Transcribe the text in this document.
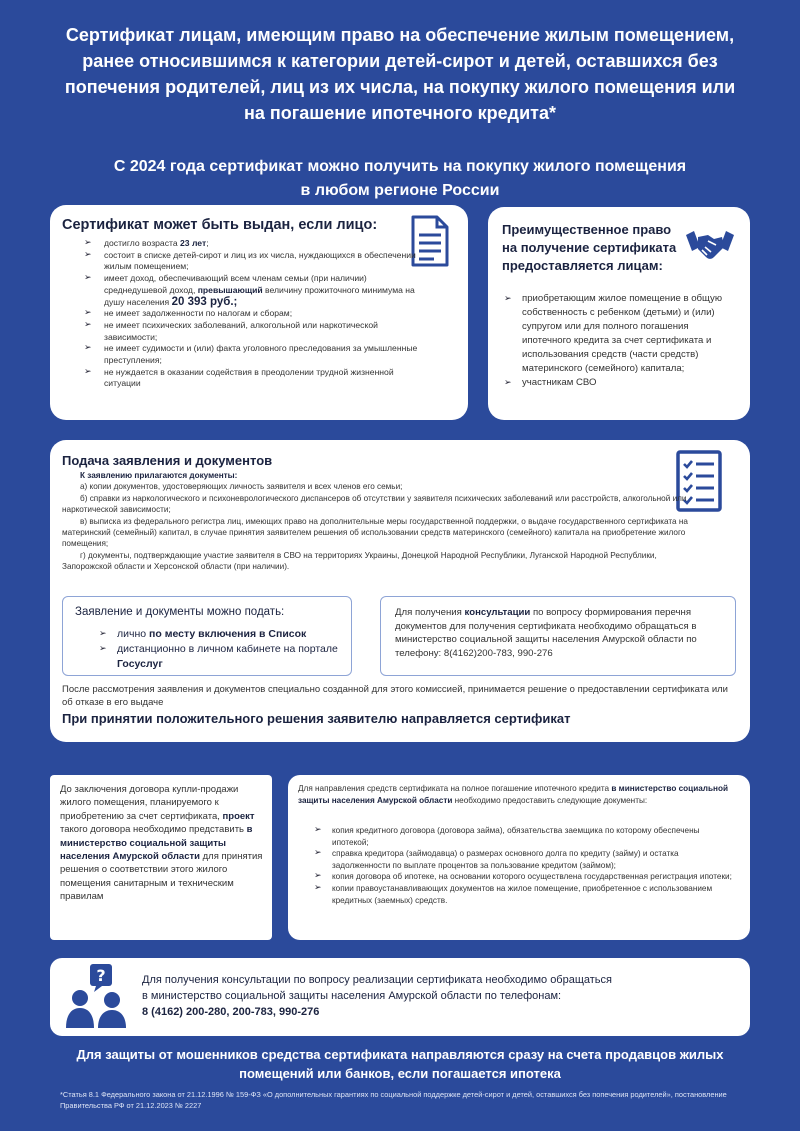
Сертификат лицам, имеющим право на обеспечение жилым помещением, ранее относившимся к категории детей-сирот и детей, оставшихся без попечения родителей, лиц из их числа, на покупку жилого помещения или на погашение ипотечного кредита*
С 2024 года сертификат можно получить на покупку жилого помещения
в любом регионе России
Сертификат может быть выдан, если лицо:
➢ достигло возраста 23 лет;
➢ состоит в списке детей-сирот и лиц из их числа, нуждающихся в обеспечении жилым помещением;
➢ имеет доход, обеспечивающий всем членам семьи (при наличии) среднедушевой доход, превышающий величину прожиточного минимума на душу населения 20 393 руб.;
➢ не имеет задолженности по налогам и сборам;
➢ не имеет психических заболеваний, алкогольной или наркотической зависимости;
➢ не имеет судимости и (или) факта уголовного преследования за умышленные преступления;
➢ не нуждается в оказании содействия в преодолении трудной жизненной ситуации
Преимущественное право на получение сертификата предоставляется лицам:
➢ приобретающим жилое помещение в общую собственность с ребенком (детьми) и (или) супругом или для полного погашения ипотечного кредита за счет сертификата и использования средств (части средств) материнского (семейного) капитала;
➢ участникам СВО
Подача заявления и документов
К заявлению прилагаются документы:

а) копии документов, удостоверяющих личность заявителя и всех членов его семьи;

б) справки из наркологического и психоневрологического диспансеров об отсутствии у заявителя психических заболеваний или расстройств, алкогольной или наркотической зависимости;

в) выписка из федерального регистра лиц, имеющих право на дополнительные меры государственной поддержки, о выдаче государственного сертификата на материнский (семейный) капитал, в случае принятия заявителем решения об использовании средств материнского (семейного) капитала на приобретение жилого помещения;

г) документы, подтверждающие участие заявителя в СВО на территориях Украины, Донецкой Народной Республики, Луганской Народной Республики, Запорожской области и Херсонской области (при наличии).

Заявление и документы можно подать:
➢ лично по месту включения в Список
➢ дистанционно в личном кабинете на портале Госуслуг
Для получения консультации по вопросу формирования перечня документов для получения сертификата необходимо обращаться в министерство социальной защиты населения Амурской области по телефону: 8(4162)200-783, 990-276
После рассмотрения заявления и документов специально созданной для этого комиссией, принимается решение о предоставлении сертификата или об отказе в его выдаче
При принятии положительного решения заявителю направляется сертификат
До заключения договора купли-продажи жилого помещения, планируемого к приобретению за счет сертификата, проект такого договора необходимо представить в министерство социальной защиты населения Амурской области для принятия решения о соответствии этого жилого помещения санитарным и техническим правилам
Для направления средств сертификата на полное погашение ипотечного кредита в министерство социальной защиты населения Амурской области необходимо предоставить следующие документы:
➢ копия кредитного договора (договора займа), обязательства заемщика по которому обеспечены ипотекой;
➢ справка кредитора (займодавца) о размерах основного долга по кредиту (займу) и остатка задолженности по выплате процентов за пользование кредитом (займом);
➢ копия договора об ипотеке, на основании которого осуществлена государственная регистрация ипотеки;
➢ копии правоустанавливающих документов на жилое помещение, приобретенное с использованием кредитных (заемных) средств.
?	Для получения консультации по вопросу реализации сертификата необходимо обращаться
в министерство социальной защиты населения Амурской области по телефонам:
8 (4162) 200-280, 200-783, 990-276
Для защиты от мошенников средства сертификата направляются сразу на счета продавцов жилых помещений или банков, если погашается ипотека
*Статья 8.1 Федерального закона от 21.12.1996 № 159-ФЗ «О дополнительных гарантиях по социальной поддержке детей-сирот и детей, оставшихся без попечения родителей», постановление Правительства РФ от 21.12.2023 № 2227
